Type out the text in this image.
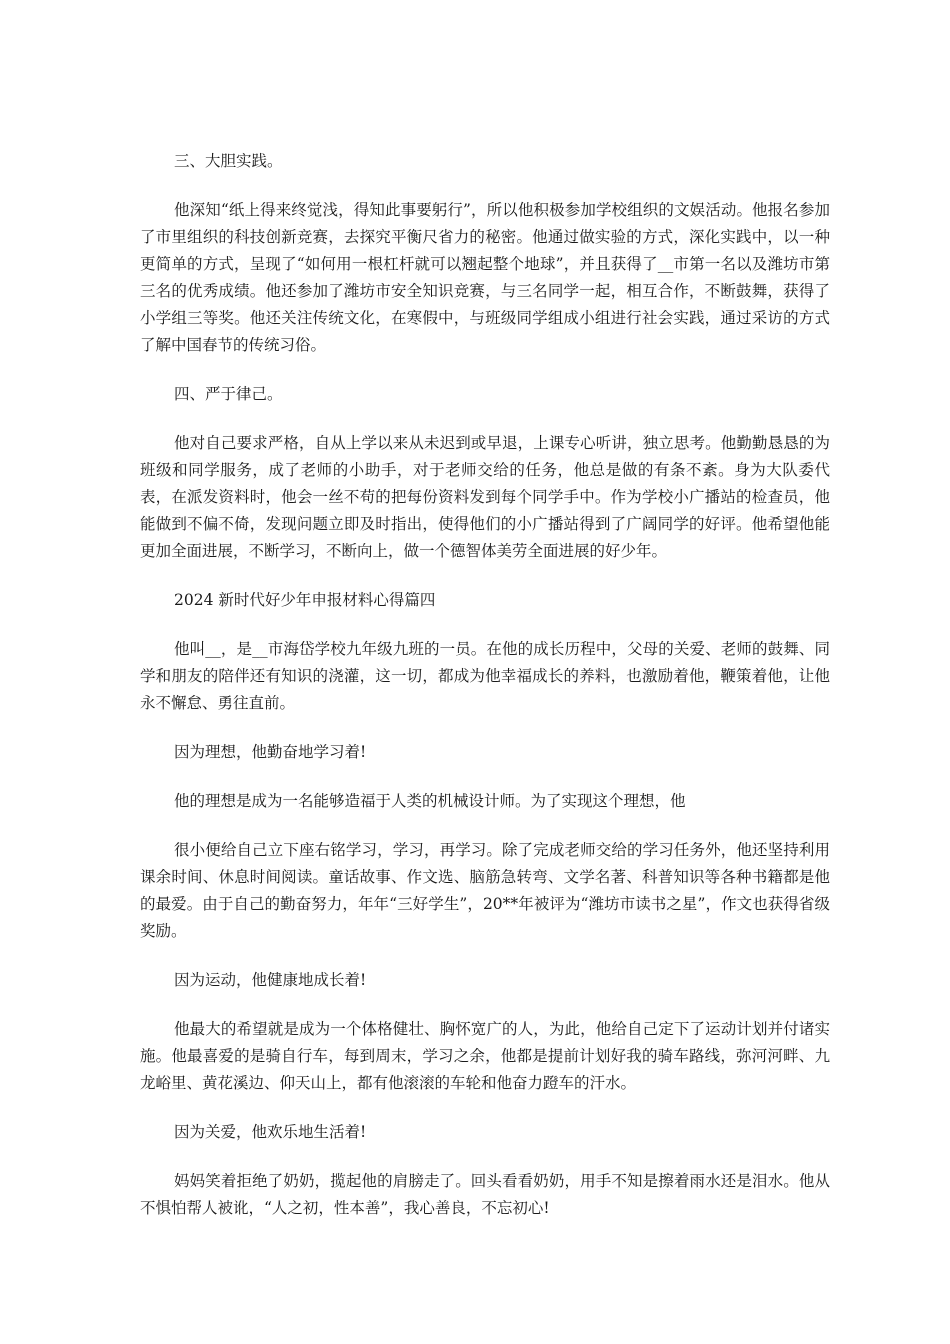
三、大胆实践。

他深知“纸上得来终觉浅，得知此事要躬行”，所以他积极参加学校组织的文娱活动。他报名参加了市里组织的科技创新竞赛，去探究平衡尺省力的秘密。他通过做实验的方式，深化实践中，以一种更简单的方式，呈现了“如何用一根杠杆就可以翘起整个地球”，并且获得了__市第一名以及潍坊市第三名的优秀成绩。他还参加了潍坊市安全知识竞赛，与三名同学一起，相互合作，不断鼓舞，获得了小学组三等奖。他还关注传统文化，在寒假中，与班级同学组成小组进行社会实践，通过采访的方式了解中国春节的传统习俗。

四、严于律己。

他对自己要求严格，自从上学以来从未迟到或早退，上课专心听讲，独立思考。他勤勤恳恳的为班级和同学服务，成了老师的小助手，对于老师交给的任务，他总是做的有条不紊。身为大队委代表，在派发资料时，他会一丝不苟的把每份资料发到每个同学手中。作为学校小广播站的检查员，他能做到不偏不倚，发现问题立即及时指出，使得他们的小广播站得到了广阔同学的好评。他希望他能更加全面进展，不断学习，不断向上，做一个德智体美劳全面进展的好少年。

2024 新时代好少年申报材料心得篇四

他叫__，是__市海岱学校九年级九班的一员。在他的成长历程中，父母的关爱、老师的鼓舞、同学和朋友的陪伴还有知识的浇灌，这一切，都成为他幸福成长的养料，也激励着他，鞭策着他，让他永不懈怠、勇往直前。

因为理想，他勤奋地学习着!

他的理想是成为一名能够造福于人类的机械设计师。为了实现这个理想，他

很小便给自己立下座右铭学习，学习，再学习。除了完成老师交给的学习任务外，他还坚持利用课余时间、休息时间阅读。童话故事、作文选、脑筋急转弯、文学名著、科普知识等各种书籍都是他的最爱。由于自己的勤奋努力，年年“三好学生”，20**年被评为“潍坊市读书之星”，作文也获得省级奖励。

因为运动，他健康地成长着!

他最大的希望就是成为一个体格健壮、胸怀宽广的人，为此，他给自己定下了运动计划并付诸实施。他最喜爱的是骑自行车，每到周末，学习之余，他都是提前计划好我的骑车路线，弥河河畔、九龙峪里、黄花溪边、仰天山上，都有他滚滚的车轮和他奋力蹬车的汗水。

因为关爱，他欢乐地生活着!

妈妈笑着拒绝了奶奶，揽起他的肩膀走了。回头看看奶奶，用手不知是擦着雨水还是泪水。他从不惧怕帮人被讹，“人之初，性本善”，我心善良，不忘初心!
